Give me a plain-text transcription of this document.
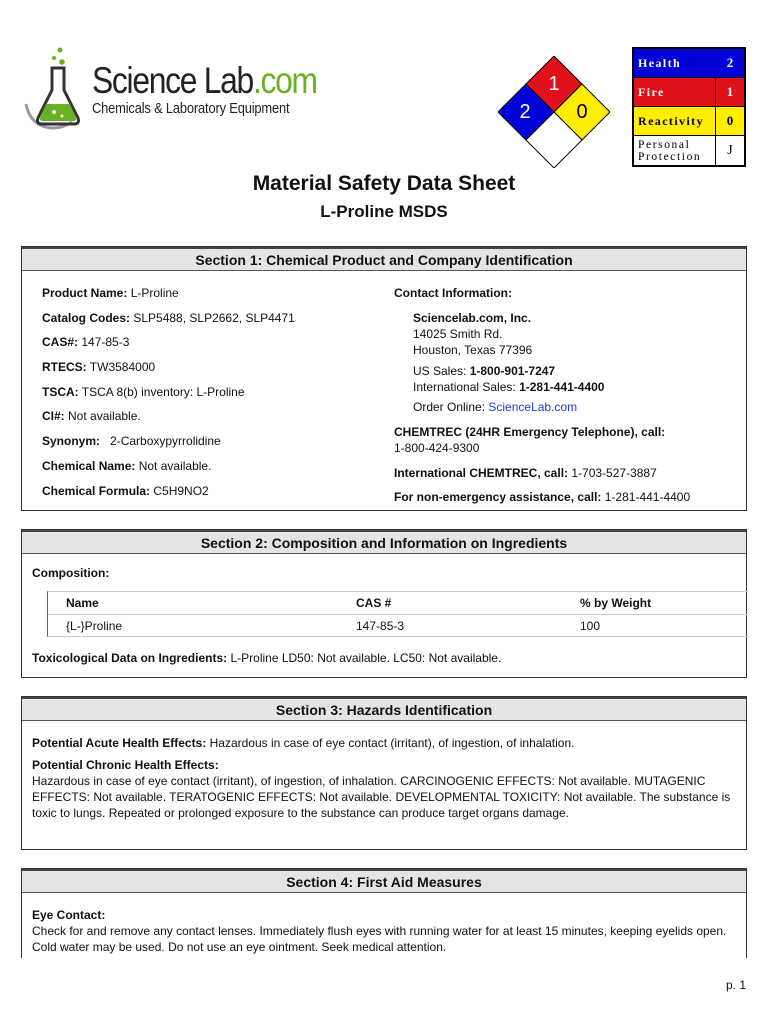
Science Lab.com
Chemicals & Laboratory Equipment
1
2 0
Health	2
Fire	1
Reactivity	0
Personal
Protection	J
Material Safety Data Sheet
L-Proline MSDS
Section 1: Chemical Product and Company Identification
Product Name: L-Proline
Catalog Codes: SLP5488, SLP2662, SLP4471
CAS#: 147-85-3
RTECS: TW3584000
TSCA: TSCA 8(b) inventory: L-Proline
CI#: Not available.
Synonym:   2-Carboxypyrrolidine
Chemical Name: Not available.
Chemical Formula: C5H9NO2
Contact Information:
Sciencelab.com, Inc.
14025 Smith Rd.
Houston, Texas 77396
US Sales: 1-800-901-7247
International Sales: 1-281-441-4400
Order Online: ScienceLab.com
CHEMTREC (24HR Emergency Telephone), call:
1-800-424-9300
International CHEMTREC, call: 1-703-527-3887
For non-emergency assistance, call: 1-281-441-4400
Section 2: Composition and Information on Ingredients
Composition:
Name	CAS #	% by Weight
{L-}Proline	147-85-3	100
Toxicological Data on Ingredients: L-Proline LD50: Not available. LC50: Not available.
Section 3: Hazards Identification

Potential Acute Health Effects: Hazardous in case of eye contact (irritant), of ingestion, of inhalation.

Potential Chronic Health Effects:
Hazardous in case of eye contact (irritant), of ingestion, of inhalation. CARCINOGENIC EFFECTS: Not available. MUTAGENIC EFFECTS: Not available. TERATOGENIC EFFECTS: Not available. DEVELOPMENTAL TOXICITY: Not available. The substance is toxic to lungs. Repeated or prolonged exposure to the substance can produce target organs damage.
Section 4: First Aid Measures
Eye Contact:
Check for and remove any contact lenses. Immediately flush eyes with running water for at least 15 minutes, keeping eyelids open. Cold water may be used. Do not use an eye ointment. Seek medical attention.
p. 1
